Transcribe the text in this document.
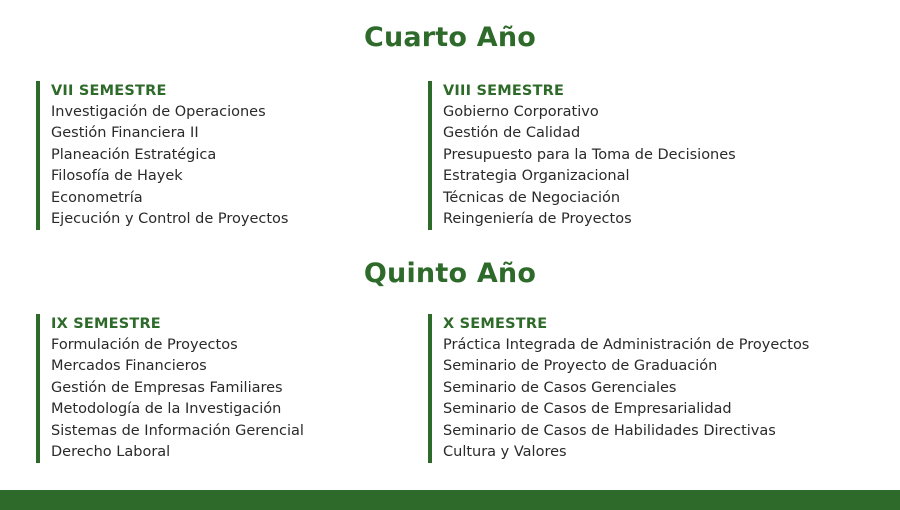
Cuarto Año
VII SEMESTRE
Investigación de Operaciones
Gestión Financiera II
Planeación Estratégica
Filosofía de Hayek
Econometría
Ejecución y Control de Proyectos
VIII SEMESTRE
Gobierno Corporativo
Gestión de Calidad
Presupuesto para la Toma de Decisiones
Estrategia Organizacional
Técnicas de Negociación
Reingeniería de Proyectos
Quinto Año
IX SEMESTRE
Formulación de Proyectos
Mercados Financieros
Gestión de Empresas Familiares
Metodología de la Investigación
Sistemas de Información Gerencial
Derecho Laboral
X SEMESTRE
Práctica Integrada de Administración de Proyectos
Seminario de Proyecto de Graduación
Seminario de Casos Gerenciales
Seminario de Casos de Empresarialidad
Seminario de Casos de Habilidades Directivas
Cultura y Valores
